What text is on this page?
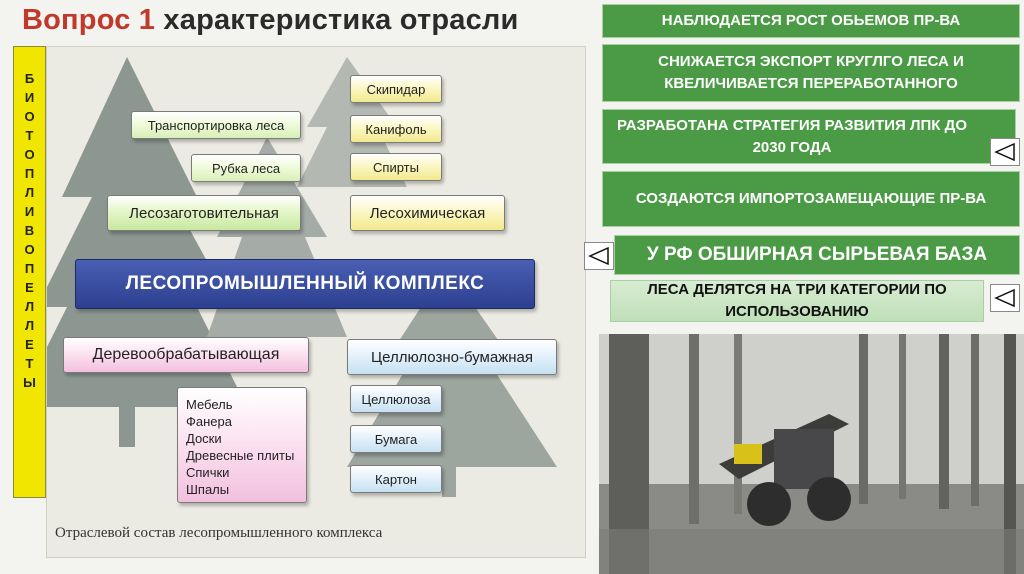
Вопрос 1 характеристика отрасли
Б
И
О
Т
О
П
Л
И
В
О
П
Е
Л
Л
Е
Т
Ы
Транспортировка леса
Рубка леса
Лесозаготовительная
Скипидар
Канифоль
Спирты
Лесохимическая
ЛЕСОПРОМЫШЛЕННЫЙ КОМПЛЕКС
Деревообрабатывающая
Мебель
Фанера
Доски
Древесные плиты
Спички
Шпалы
Целлюлозно-бумажная
Целлюлоза
Бумага
Картон
Отраслевой состав лесопромышленного комплекса
НАБЛЮДАЕТСЯ РОСТ ОБЬЕМОВ ПР-ВА
СНИЖАЕТСЯ ЭКСПОРТ КРУГЛГО ЛЕСА И КВЕЛИЧИВАЕТСЯ ПЕРЕРАБОТАННОГО
РАЗРАБОТАНА СТРАТЕГИЯ РАЗВИТИЯ ЛПК ДО 2030 ГОДА
СОЗДАЮТСЯ ИМПОРТОЗАМЕЩАЮЩИЕ ПР-ВА
У РФ ОБШИРНАЯ СЫРЬЕВАЯ БАЗА
ЛЕСА ДЕЛЯТСЯ НА ТРИ КАТЕГОРИИ ПО ИСПОЛЬЗОВАНИЮ
